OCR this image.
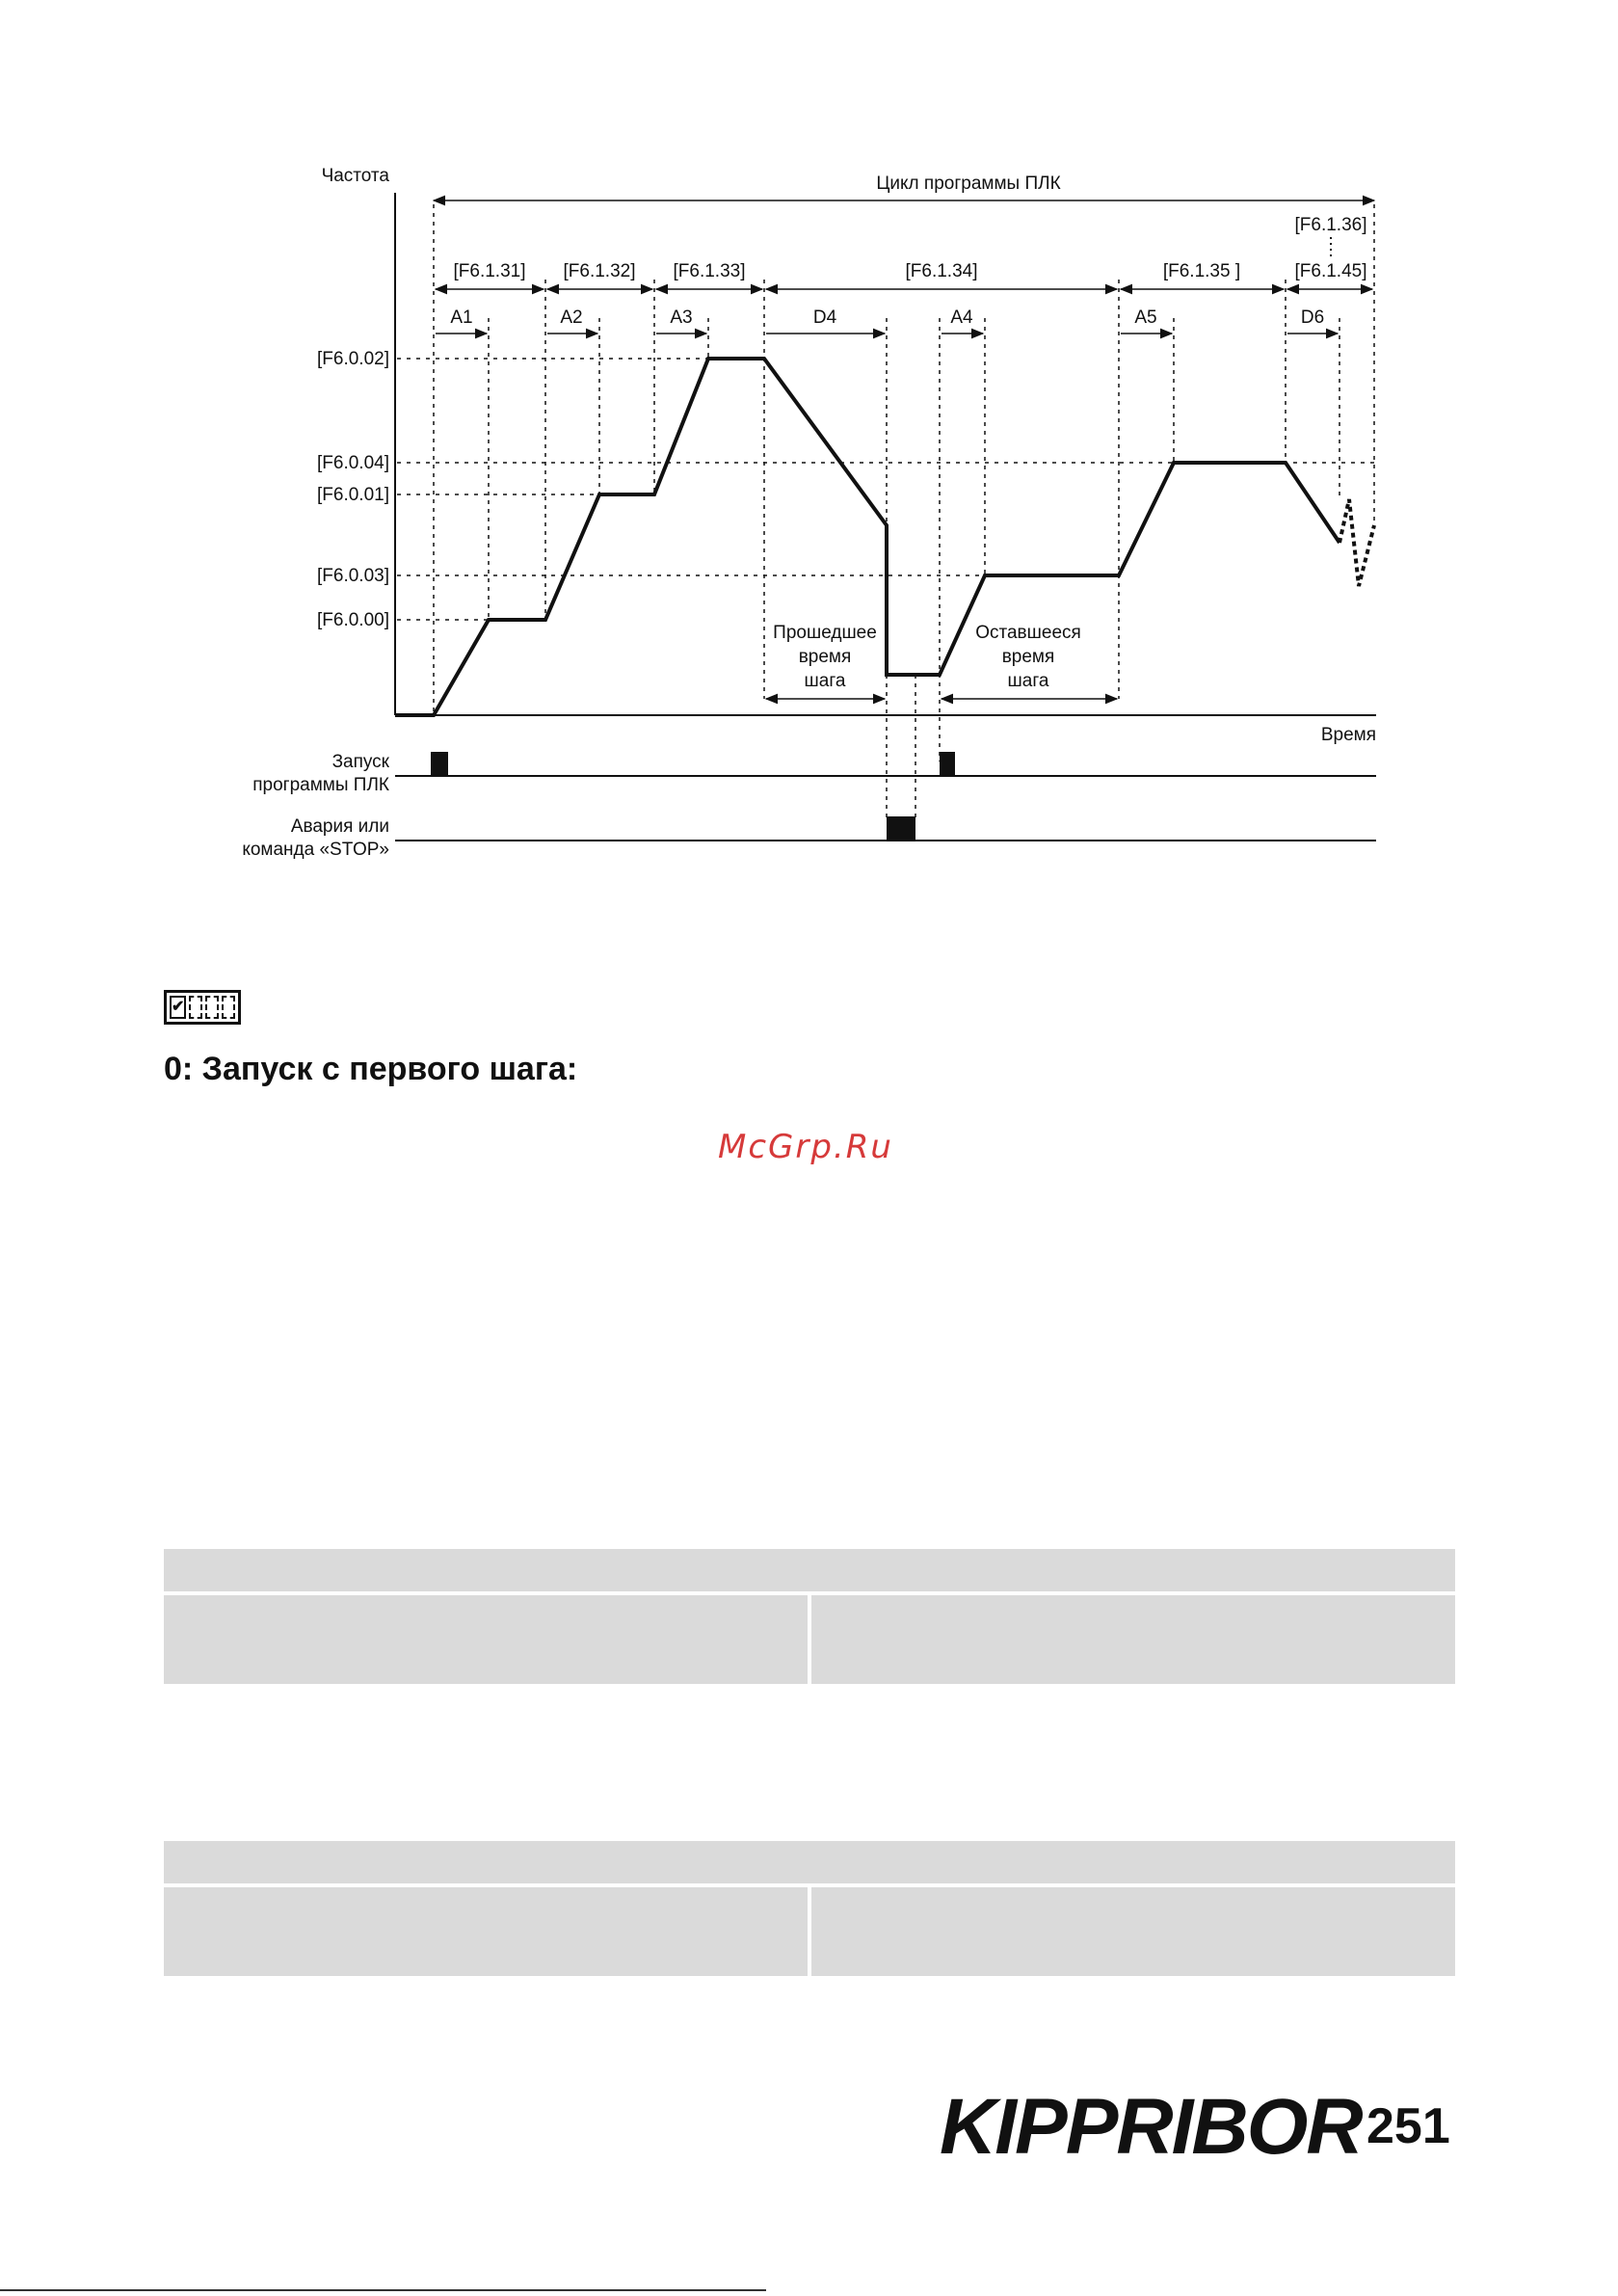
Частота
Время
Цикл программы ПЛК
[F6.0.02]
[F6.0.04]
[F6.0.01]
[F6.0.03]
[F6.0.00]
[F6.1.31] [F6.1.32] [F6.1.33]	[F6.1.34]	[F6.1.35 ]
[F6.1.36]
[F6.1.45]
A1	A2	A3	D4	A4	A5	D6
Прошедшее
время
шага
Оставшееся
время
шага
Запуск
программы ПЛК
Авария или
команда «STOP»
✔
0: Запуск с первого шага:

McGrp.Ru

KIPPRIBOR 251
